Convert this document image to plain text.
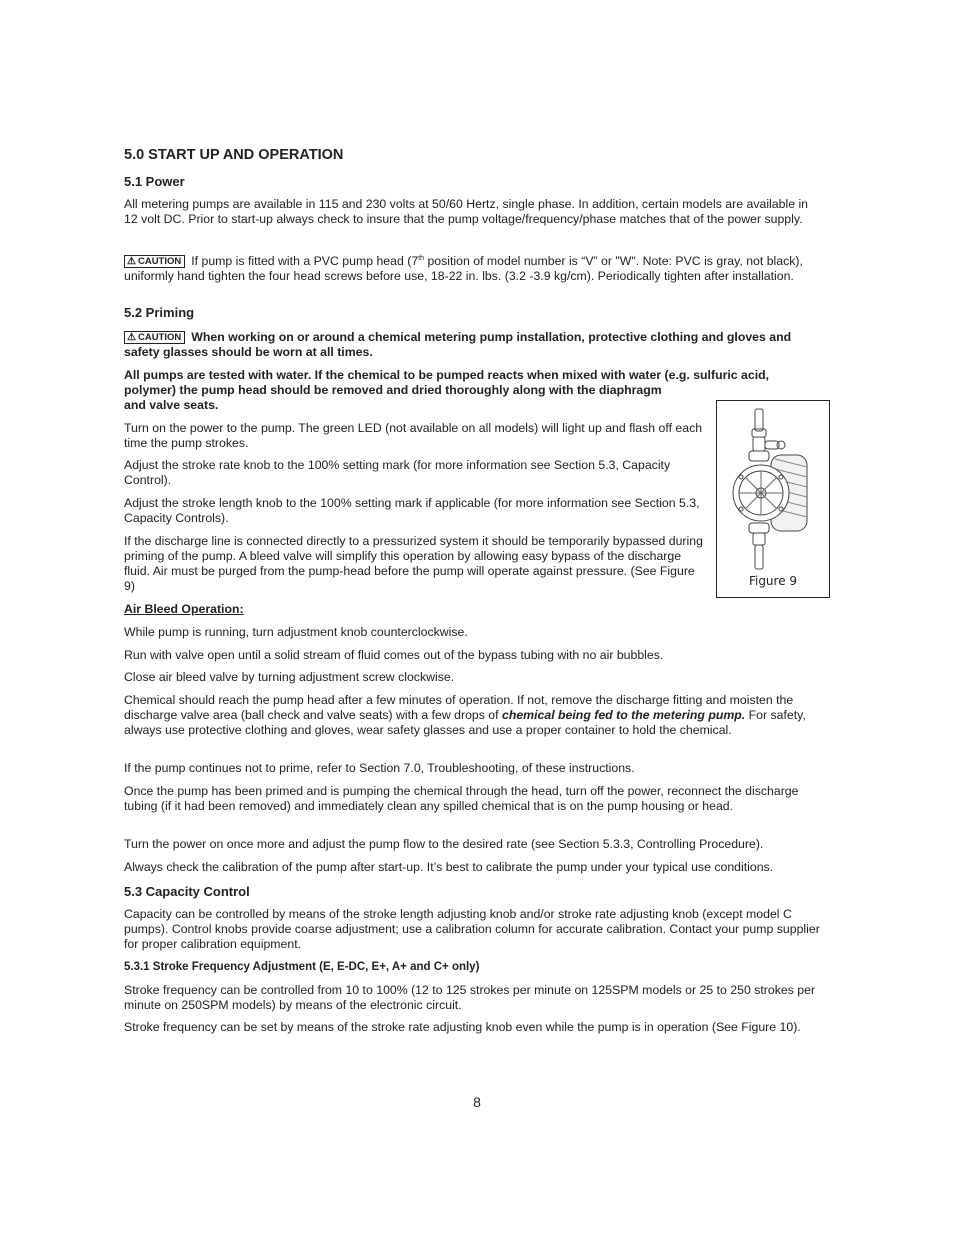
5.0 START UP AND OPERATION
5.1 Power

All metering pumps are available in 115 and 230 volts at 50/60 Hertz, single phase. In addition, certain models are available in 12 volt DC. Prior to start-up always check to insure that the pump voltage/frequency/phase matches that of the power supply.

⚠ CAUTION If pump is fitted with a PVC pump head (7th position of model number is “V” or "W". Note: PVC is gray, not black), uniformly hand tighten the four head screws before use, 18-22 in. lbs. (3.2 -3.9 kg/cm). Periodically tighten after installation.

5.2 Priming

⚠ CAUTION When working on or around a chemical metering pump installation, protective clothing and gloves and safety glasses should be worn at all times.

All pumps are tested with water. If the chemical to be pumped reacts when mixed with water (e.g. sulfuric acid, polymer) the pump head should be removed and dried thoroughly along with the diaphragm

and valve seats.

Turn on the power to the pump. The green LED (not available on all models) will light up and flash off each time the pump strokes.

Adjust the stroke rate knob to the 100% setting mark (for more information see Section 5.3, Capacity Control).

Adjust the stroke length knob to the 100% setting mark if applicable (for more information see Section 5.3, Capacity Controls).

If the discharge line is connected directly to a pressurized system it should be temporarily bypassed during priming of the pump. A bleed valve will simplify this operation by allowing easy bypass of the discharge fluid. Air must be purged from the pump-head before the pump will operate against pressure. (See Figure 9)

Air Bleed Operation:

While pump is running, turn adjustment knob counterclockwise.

Run with valve open until a solid stream of fluid comes out of the bypass tubing with no air bubbles.

Close air bleed valve by turning adjustment screw clockwise.

Chemical should reach the pump head after a few minutes of operation. If not, remove the discharge fitting and moisten the discharge valve area (ball check and valve seats) with a few drops of chemical being fed to the metering pump. For safety, always use protective clothing and gloves, wear safety glasses and use a proper container to hold the chemical.

If the pump continues not to prime, refer to Section 7.0, Troubleshooting, of these instructions.

Once the pump has been primed and is pumping the chemical through the head, turn off the power, reconnect the discharge tubing (if it had been removed) and immediately clean any spilled chemical that is on the pump housing or head.

Turn the power on once more and adjust the pump flow to the desired rate (see Section 5.3.3, Controlling Procedure).

Always check the calibration of the pump after start-up. It’s best to calibrate the pump under your typical use conditions.

5.3 Capacity Control

Capacity can be controlled by means of the stroke length adjusting knob and/or stroke rate adjusting knob (except model C pumps). Control knobs provide coarse adjustment; use a calibration column for accurate calibration. Contact your pump supplier for proper calibration equipment.

5.3.1 Stroke Frequency Adjustment (E, E-DC, E+, A+ and C+ only)

Stroke frequency can be controlled from 10 to 100% (12 to 125 strokes per minute on 125SPM models or 25 to 250 strokes per minute on 250SPM models) by means of the electronic circuit.

Stroke frequency can be set by means of the stroke rate adjusting knob even while the pump is in operation (See Figure 10).

Figure 9
8
